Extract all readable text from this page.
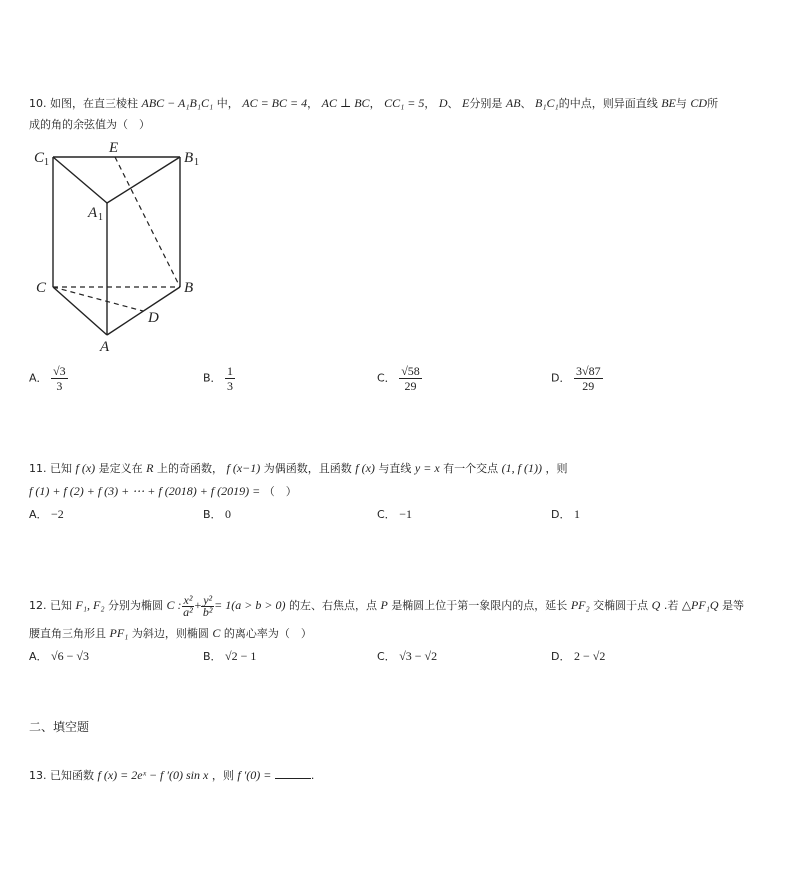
10. 如图，在直三棱柱 ABC − A₁B₁C₁ 中， AC = BC = 4， AC ⊥ BC， CC₁ = 5， D、 E分别是 AB、 B₁C₁的中点，则异面直线 BE与 CD所
成的角的余弦值为（　）
C 1
E
B 1
A 1
C	B
D
A
A． $\frac{√3}{3}$	B． $\frac{1}{3}$	C． $\frac{√58}{29}$	D． $\frac{3√87}{29}$
11. 已知 f (x) 是定义在 R 上的奇函数， f (x−1) 为偶函数，且函数 f (x) 与直线 y = x 有一个交点 (1, f (1)) ，则
f (1) + f (2) + f (3) + ⋯ + f (2018) + f (2019) = （　）
A． −2	B． 0	C． −1	D． 1
12. 已知 F₁, F₂ 分别为椭圆 C : $\frac{\text{x²}}{\text{a²}} + \frac{\text{y²}}{\text{b²}} = 1(a > b > 0)$ 的左、右焦点，点 P 是椭圆上位于第一象限内的点，延长 PF₂ 交椭圆于点 Q .若 △PF₁Q 是等
腰直角三角形且 PF₁ 为斜边，则椭圆 C 的离心率为（　）
A． √6 − √3	B． √2 − 1	C． √3 − √2	D． 2 − √2
二、填空题
13. 已知函数 f (x) = 2eˣ − f ′(0) sin x ，则 f ′(0) =	.
